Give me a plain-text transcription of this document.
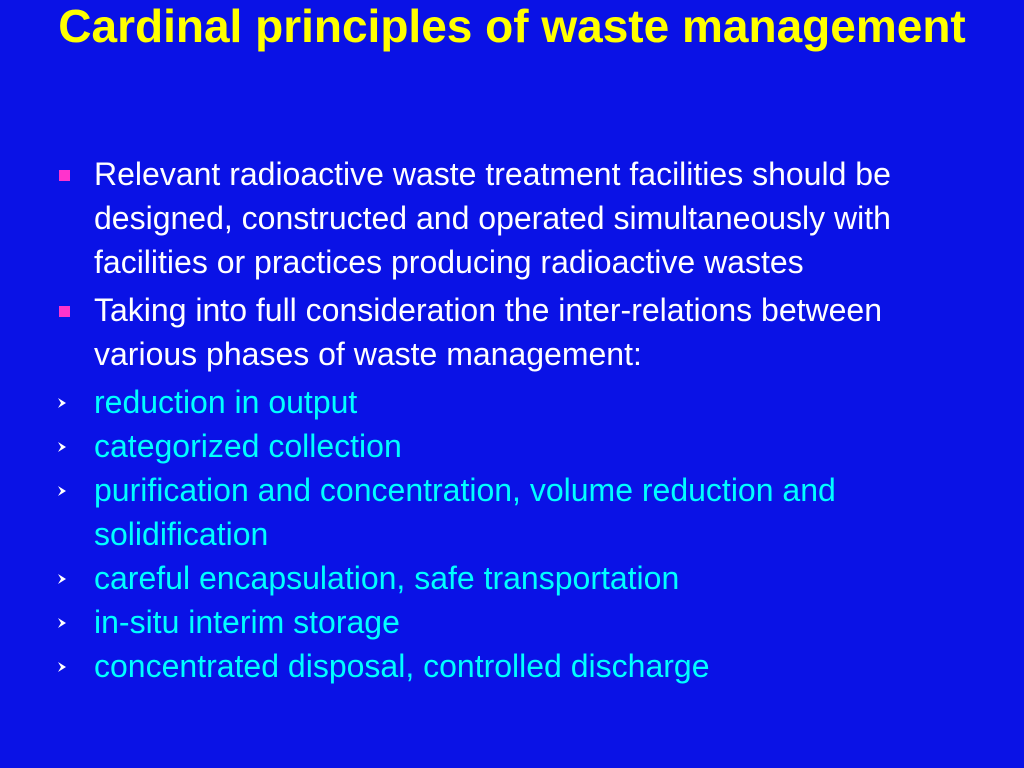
Cardinal principles of waste management
Relevant radioactive waste treatment facilities should be designed, constructed and operated simultaneously with facilities or practices producing radioactive wastes
Taking into full consideration the inter-relations between various phases of waste management:
reduction in output
categorized collection
purification and concentration, volume reduction and solidification
careful encapsulation, safe transportation
in-situ interim storage
concentrated disposal, controlled discharge
